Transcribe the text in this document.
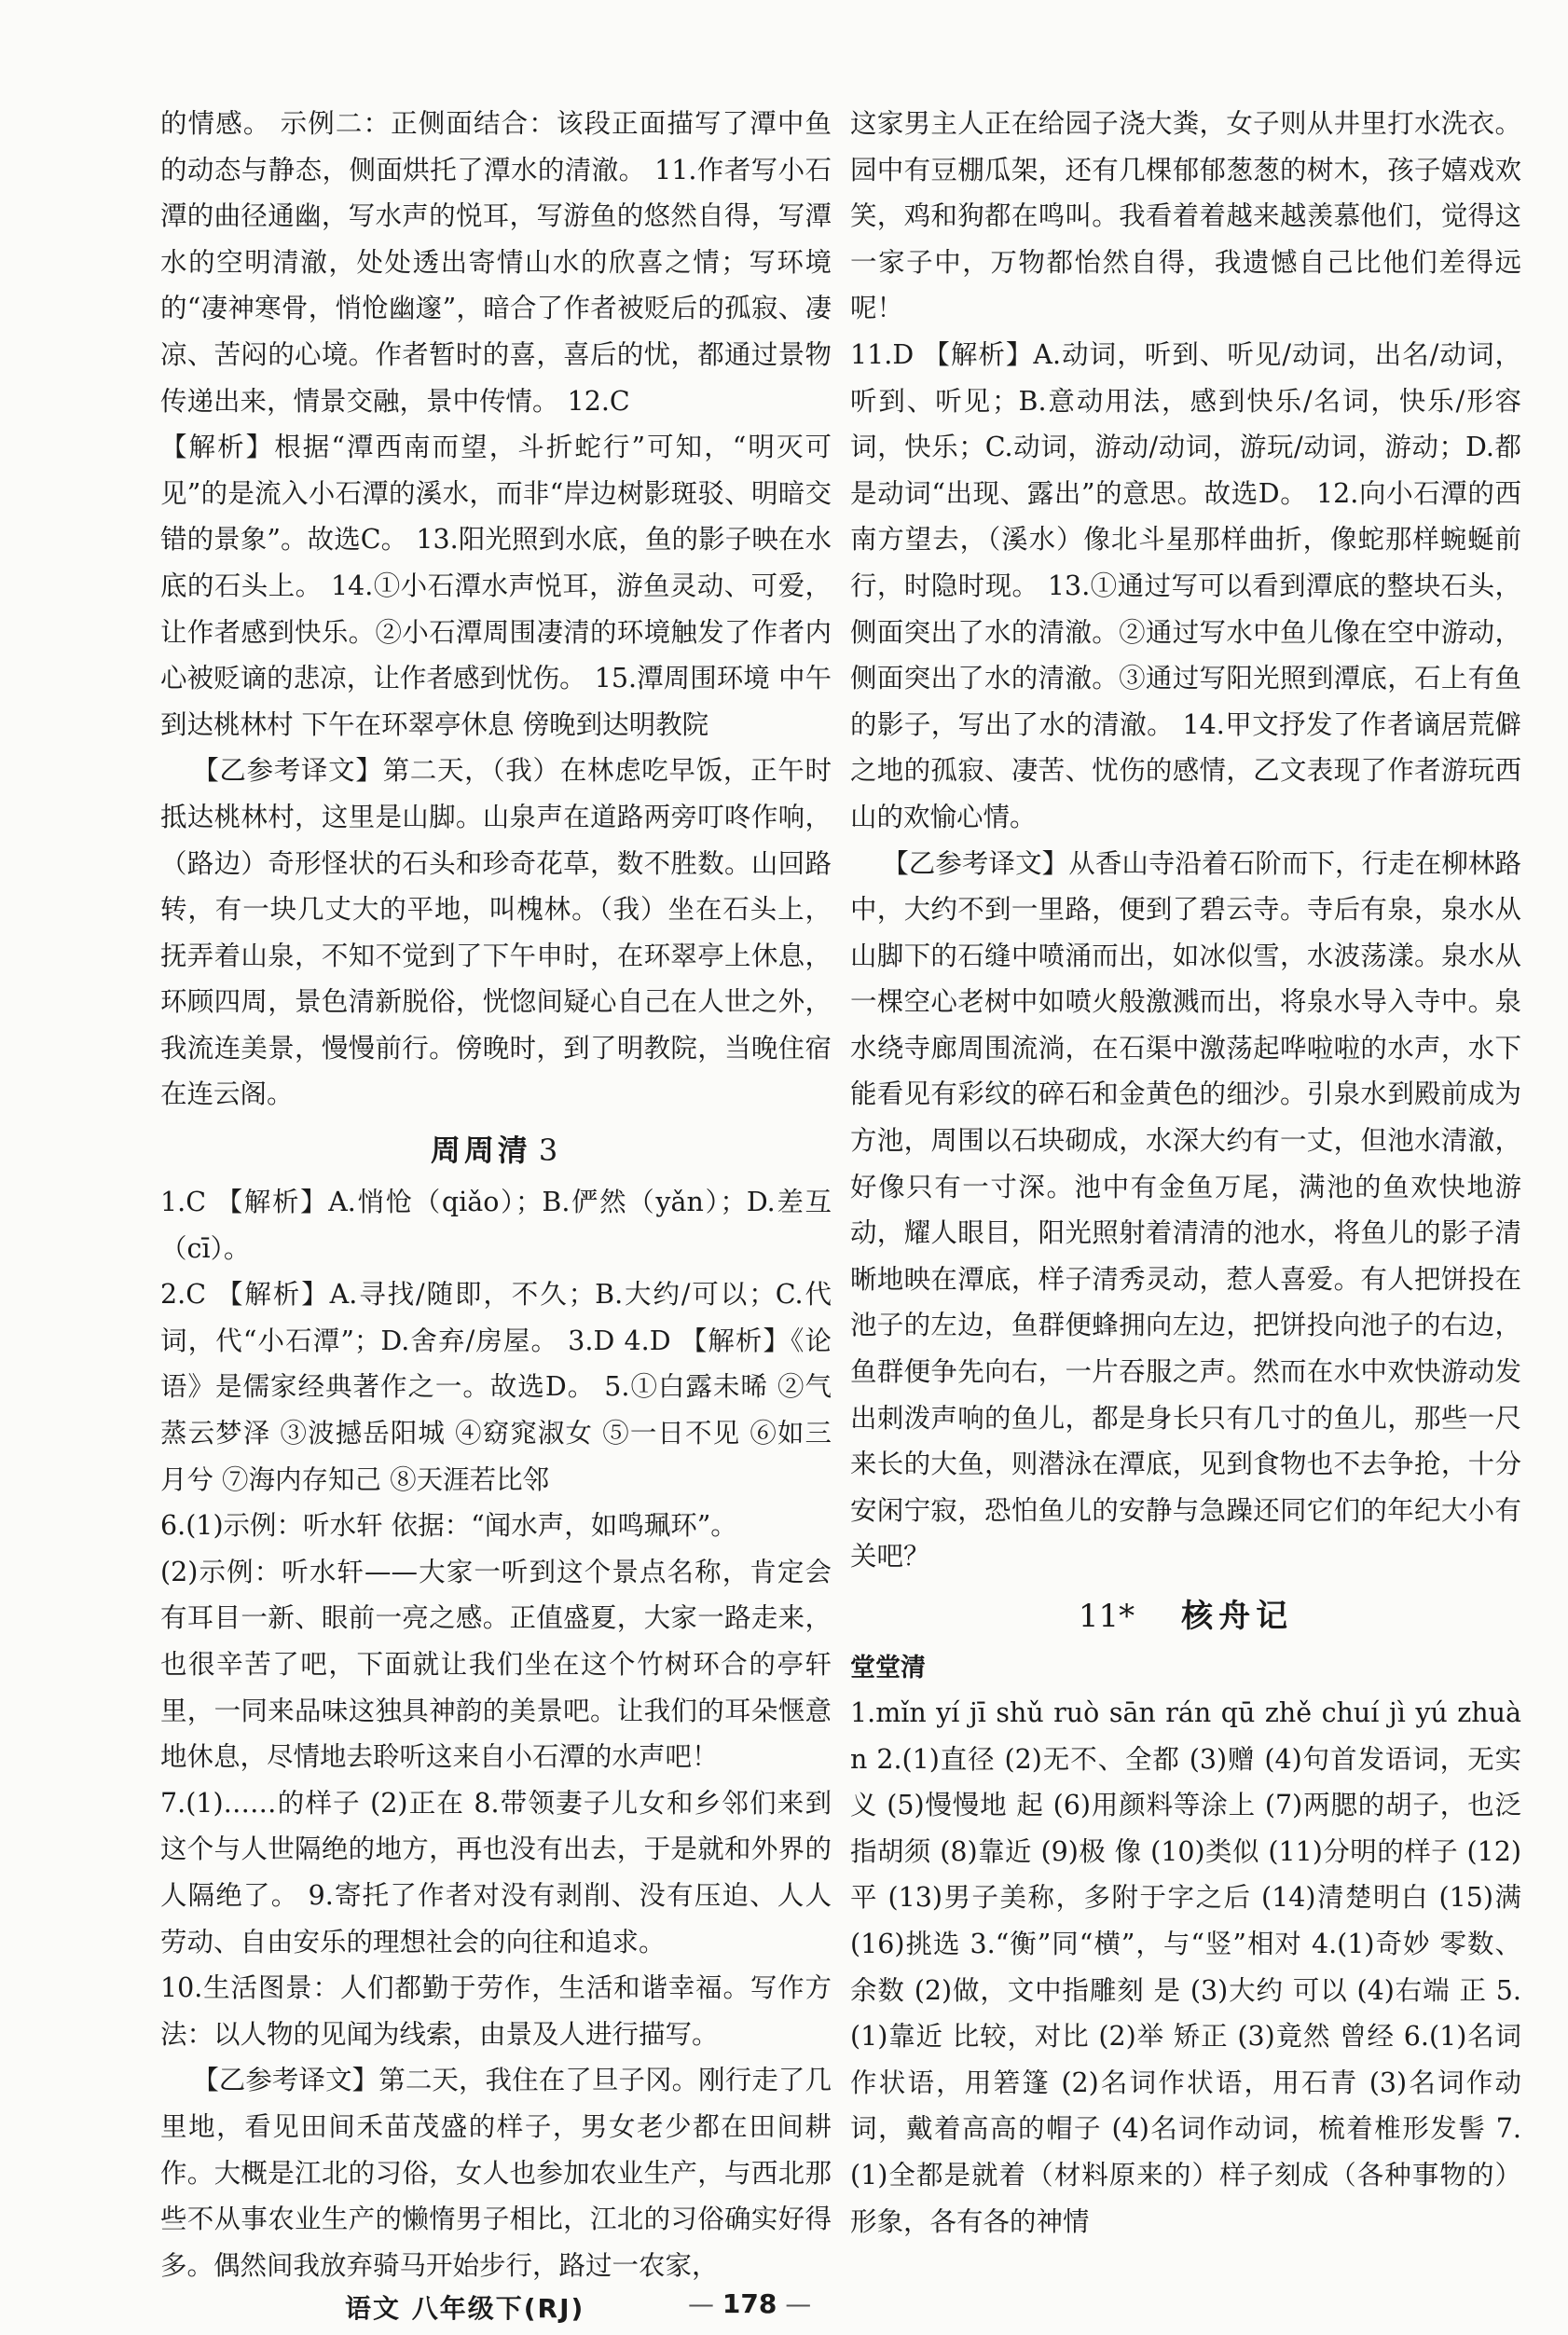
的情感。 示例二：正侧面结合：该段正面描写了潭中鱼的动态与静态，侧面烘托了潭水的清澈。 11.作者写小石潭的曲径通幽，写水声的悦耳，写游鱼的悠然自得，写潭水的空明清澈，处处透出寄情山水的欣喜之情；写环境的“凄神寒骨，悄怆幽邃”，暗合了作者被贬后的孤寂、凄凉、苦闷的心境。作者暂时的喜，喜后的忧，都通过景物传递出来，情景交融，景中传情。 12.C

【解析】根据“潭西南而望，斗折蛇行”可知，“明灭可见”的是流入小石潭的溪水，而非“岸边树影斑驳、明暗交错的景象”。故选C。 13.阳光照到水底，鱼的影子映在水底的石头上。 14.①小石潭水声悦耳，游鱼灵动、可爱，让作者感到快乐。②小石潭周围凄清的环境触发了作者内心被贬谪的悲凉，让作者感到忧伤。 15.潭周围环境 中午到达桃林村 下午在环翠亭休息 傍晚到达明教院

【乙参考译文】第二天，（我）在林虑吃早饭，正午时抵达桃林村，这里是山脚。山泉声在道路两旁叮咚作响，（路边）奇形怪状的石头和珍奇花草，数不胜数。山回路转，有一块几丈大的平地，叫槐林。（我）坐在石头上，抚弄着山泉，不知不觉到了下午申时，在环翠亭上休息，环顾四周，景色清新脱俗，恍惚间疑心自己在人世之外，我流连美景，慢慢前行。傍晚时，到了明教院，当晚住宿在连云阁。

周周清 3

1.C 【解析】A.悄怆（qiǎo）；B.俨然（yǎn）；D.差互（cī）。

2.C 【解析】A.寻找/随即，不久；B.大约/可以；C.代词，代“小石潭”；D.舍弃/房屋。 3.D 4.D 【解析】《论语》是儒家经典著作之一。故选D。 5.①白露未晞 ②气蒸云梦泽 ③波撼岳阳城 ④窈窕淑女 ⑤一日不见 ⑥如三月兮 ⑦海内存知己 ⑧天涯若比邻

6.(1)示例：听水轩 依据：“闻水声，如鸣珮环”。

(2)示例：听水轩——大家一听到这个景点名称，肯定会有耳目一新、眼前一亮之感。正值盛夏，大家一路走来，也很辛苦了吧，下面就让我们坐在这个竹树环合的亭轩里，一同来品味这独具神韵的美景吧。让我们的耳朵惬意地休息，尽情地去聆听这来自小石潭的水声吧！

7.(1)……的样子 (2)正在 8.带领妻子儿女和乡邻们来到这个与人世隔绝的地方，再也没有出去，于是就和外界的人隔绝了。 9.寄托了作者对没有剥削、没有压迫、人人劳动、自由安乐的理想社会的向往和追求。

10.生活图景：人们都勤于劳作，生活和谐幸福。写作方法：以人物的见闻为线索，由景及人进行描写。

【乙参考译文】第二天，我住在了旦子冈。刚行走了几里地，看见田间禾苗茂盛的样子，男女老少都在田间耕作。大概是江北的习俗，女人也参加农业生产，与西北那些不从事农业生产的懒惰男子相比，江北的习俗确实好得多。偶然间我放弃骑马开始步行，路过一农家，

这家男主人正在给园子浇大粪，女子则从井里打水洗衣。园中有豆棚瓜架，还有几棵郁郁葱葱的树木，孩子嬉戏欢笑，鸡和狗都在鸣叫。我看着着越来越羡慕他们，觉得这一家子中，万物都怡然自得，我遗憾自己比他们差得远呢！

11.D 【解析】A.动词，听到、听见/动词，出名/动词，听到、听见；B.意动用法，感到快乐/名词，快乐/形容词，快乐；C.动词，游动/动词，游玩/动词，游动；D.都是动词“出现、露出”的意思。故选D。 12.向小石潭的西南方望去，（溪水）像北斗星那样曲折，像蛇那样蜿蜒前行，时隐时现。 13.①通过写可以看到潭底的整块石头，侧面突出了水的清澈。②通过写水中鱼儿像在空中游动，侧面突出了水的清澈。③通过写阳光照到潭底，石上有鱼的影子，写出了水的清澈。 14.甲文抒发了作者谪居荒僻之地的孤寂、凄苦、忧伤的感情，乙文表现了作者游玩西山的欢愉心情。

【乙参考译文】从香山寺沿着石阶而下，行走在柳林路中，大约不到一里路，便到了碧云寺。寺后有泉，泉水从山脚下的石缝中喷涌而出，如冰似雪，水波荡漾。泉水从一棵空心老树中如喷火般激溅而出，将泉水导入寺中。泉水绕寺廊周围流淌，在石渠中激荡起哗啦啦的水声，水下能看见有彩纹的碎石和金黄色的细沙。引泉水到殿前成为方池，周围以石块砌成，水深大约有一丈，但池水清澈，好像只有一寸深。池中有金鱼万尾，满池的鱼欢快地游动，耀人眼目，阳光照射着清清的池水，将鱼儿的影子清晰地映在潭底，样子清秀灵动，惹人喜爱。有人把饼投在池子的左边，鱼群便蜂拥向左边，把饼投向池子的右边，鱼群便争先向右，一片吞服之声。然而在水中欢快游动发出刺泼声响的鱼儿，都是身长只有几寸的鱼儿，那些一尺来长的大鱼，则潜泳在潭底，见到食物也不去争抢，十分安闲宁寂，恐怕鱼儿的安静与急躁还同它们的年纪大小有关吧？

11* 核舟记

堂堂清

1.mǐn yí jī shǔ ruò sān rán qū zhě chuí jì yú zhuàn 2.(1)直径 (2)无不、全都 (3)赠 (4)句首发语词，无实义 (5)慢慢地 起 (6)用颜料等涂上 (7)两腮的胡子，也泛指胡须 (8)靠近 (9)极 像 (10)类似 (11)分明的样子 (12)平 (13)男子美称，多附于字之后 (14)清楚明白 (15)满 (16)挑选 3.“衡”同“横”，与“竖”相对 4.(1)奇妙 零数、余数 (2)做，文中指雕刻 是 (3)大约 可以 (4)右端 正 5.(1)靠近 比较，对比 (2)举 矫正 (3)竟然 曾经 6.(1)名词作状语，用箬篷 (2)名词作状语，用石青 (3)名词作动词，戴着高高的帽子 (4)名词作动词，梳着椎形发髻 7.(1)全都是就着（材料原来的）样子刻成（各种事物的）形象，各有各的神情

语文 八年级下(RJ)	— 178 —
